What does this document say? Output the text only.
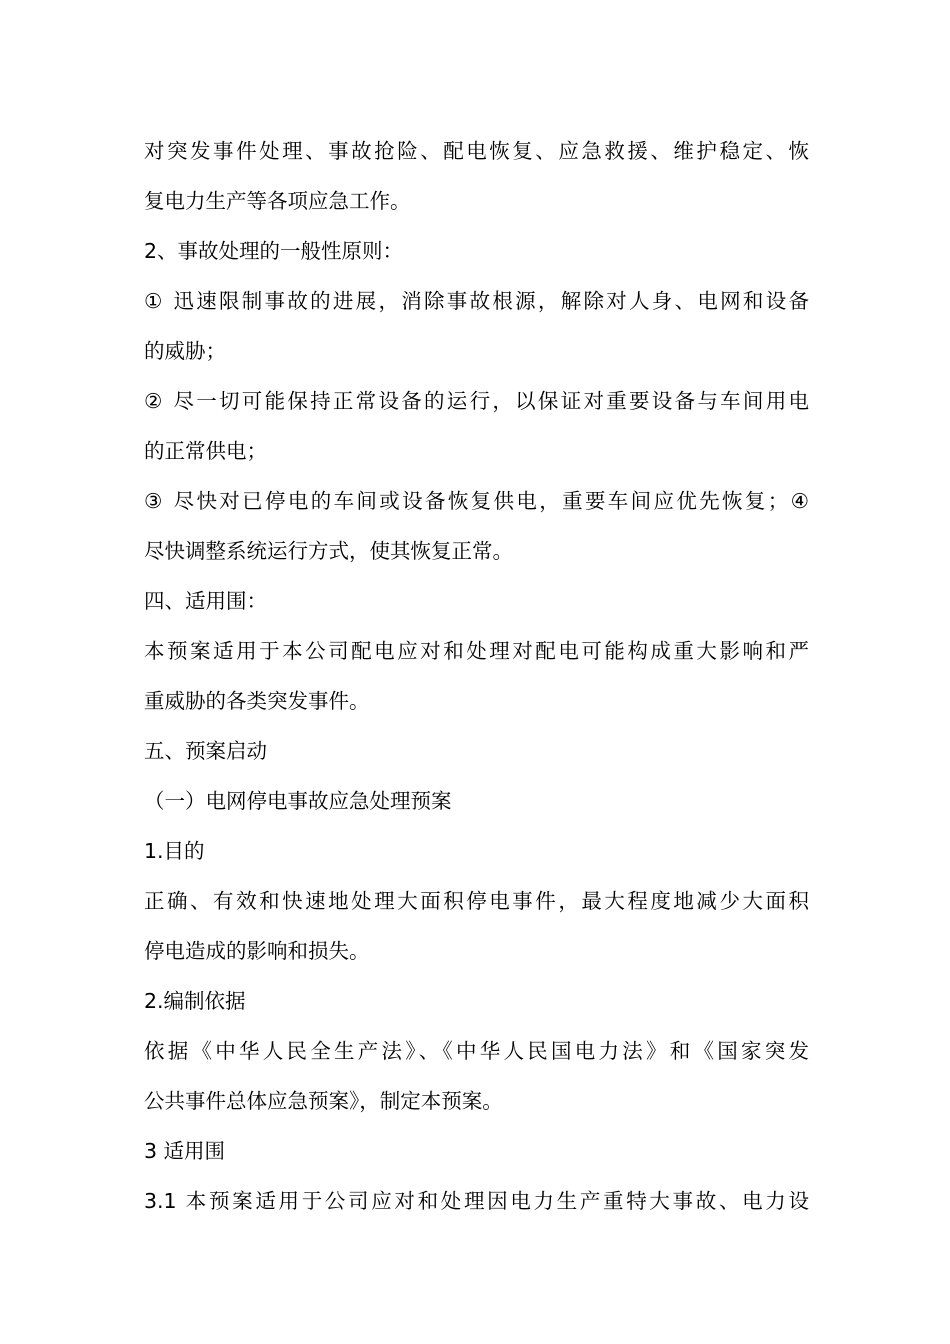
对突发事件处理、事故抢险、配电恢复、应急救援、维护稳定、恢
复电力生产等各项应急工作。
2、事故处理的一般性原则：
① 迅速限制事故的进展，消除事故根源，解除对人身、电网和设备
的威胁；
② 尽一切可能保持正常设备的运行，以保证对重要设备与车间用电
的正常供电；
③ 尽快对已停电的车间或设备恢复供电，重要车间应优先恢复；④
尽快调整系统运行方式，使其恢复正常。
四、适用围：
本预案适用于本公司配电应对和处理对配电可能构成重大影响和严
重威胁的各类突发事件。
五、预案启动
（一）电网停电事故应急处理预案
1.目的
正确、有效和快速地处理大面积停电事件，最大程度地减少大面积
停电造成的影响和损失。
2.编制依据
依据《中华人民全生产法》、《中华人民国电力法》和《国家突发
公共事件总体应急预案》，制定本预案。
3 适用围
3.1 本预案适用于公司应对和处理因电力生产重特大事故、电力设
